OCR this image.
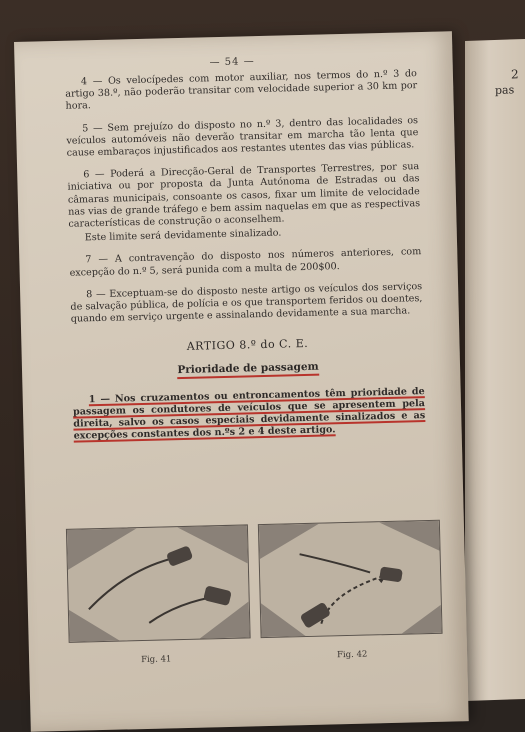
2
pas
— 54 —

4 — Os velocípedes com motor auxiliar, nos termos do n.º 3 do artigo 38.º, não poderão transitar com velocidade superior a 30 km por hora.

5 — Sem prejuízo do disposto no n.º 3, dentro das localidades os veículos automóveis não deverão transitar em marcha tão lenta que cause embaraços injustificados aos restantes utentes das vias públicas.

6 — Poderá a Direcção-Geral de Transportes Terrestres, por sua iniciativa ou por proposta da Junta Autónoma de Estradas ou das câmaras municipais, consoante os casos, fixar um limite de velocidade nas vias de grande tráfego e bem assim naquelas em que as respectivas características de construção o aconselhem.

Este limite será devidamente sinalizado.

7 — A contravenção do disposto nos números anteriores, com excepção do n.º 5, será punida com a multa de 200$00.

8 — Exceptuam-se do disposto neste artigo os veículos dos serviços de salvação pública, de polícia e os que transportem feridos ou doentes, quando em serviço urgente e assinalando devidamente a sua marcha.

ARTIGO 8.º do C. E.
Prioridade de passagem

1 — Nos cruzamentos ou entroncamentos têm prioridade de passagem os condutores de veículos que se apresentem pela direita, salvo os casos especiais devidamente sinalizados e as excepções constantes dos n.ºs 2 e 4 deste artigo.

Fig. 41	Fig. 42
